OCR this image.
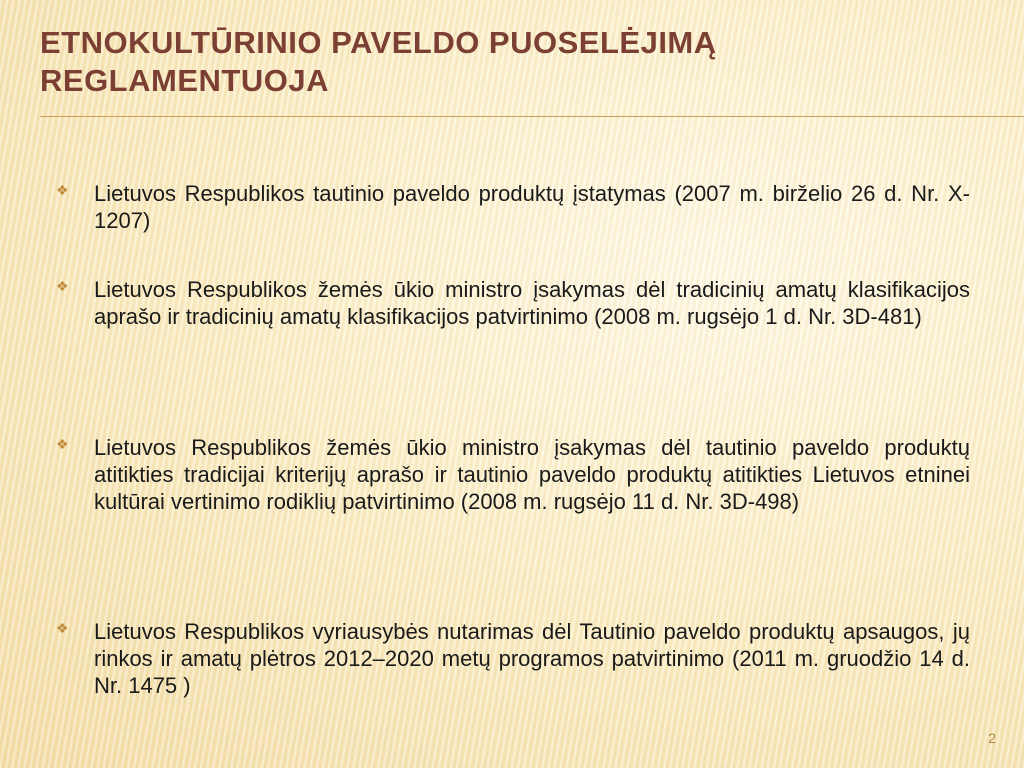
ETNOKULTŪRINIO PAVELDO PUOSELĖJIMĄ REGLAMENTUOJA
❖ Lietuvos Respublikos tautinio paveldo produktų įstatymas (2007 m. birželio 26 d. Nr. X-1207)
❖ Lietuvos Respublikos žemės ūkio ministro įsakymas dėl tradicinių amatų klasifikacijos aprašo ir tradicinių amatų klasifikacijos patvirtinimo (2008 m. rugsėjo 1 d. Nr. 3D-481)
❖ Lietuvos Respublikos žemės ūkio ministro įsakymas dėl tautinio paveldo produktų atitikties tradicijai kriterijų aprašo ir tautinio paveldo produktų atitikties Lietuvos etninei kultūrai vertinimo rodiklių patvirtinimo (2008 m. rugsėjo 11 d. Nr. 3D-498)
❖ Lietuvos Respublikos vyriausybės nutarimas dėl Tautinio paveldo produktų apsaugos, jų rinkos ir amatų plėtros 2012–2020 metų programos patvirtinimo (2011 m. gruodžio 14 d. Nr. 1475 )
2
